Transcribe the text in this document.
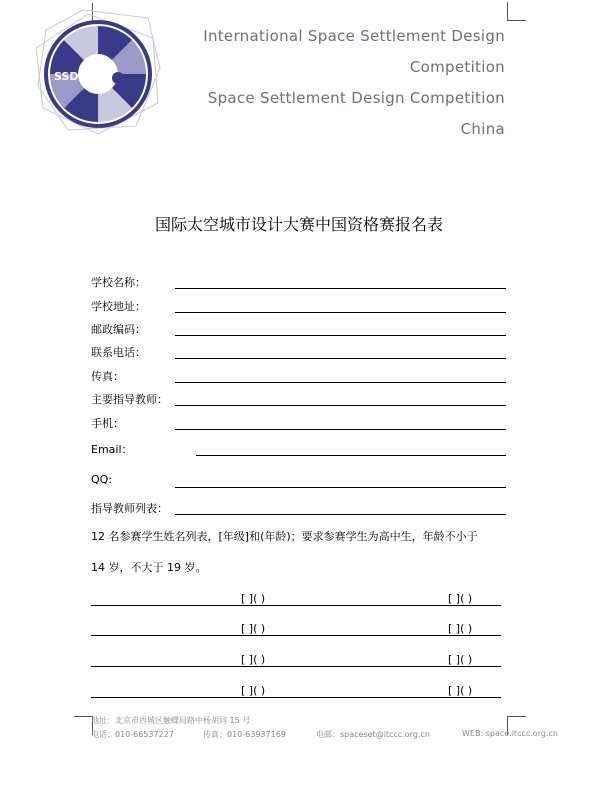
SSDCC
International Space Settlement Design
Competition
Space Settlement Design Competition
China
国际太空城市设计大赛中国资格赛报名表
学校名称：
学校地址：
邮政编码：
联系电话：
传真：
主要指导教师：
手机：
Email：
QQ:
指导教师列表：
12 名参赛学生姓名列表，[年级]和(年龄)；要求参赛学生为高中生，年龄不小于
14 岁，不大于 19 岁。
[ ]( )	[ ]( )
[ ]( )	[ ]( )
[ ]( )	[ ]( )
[ ]( )	[ ]( )
地址：北京市西城区触蝶局路中杨胡同 15 号
电话：010-66537227	传真：010-63937169	电邮：spaceset@itccc.org.cn	WEB: space.itccc.org.cn
